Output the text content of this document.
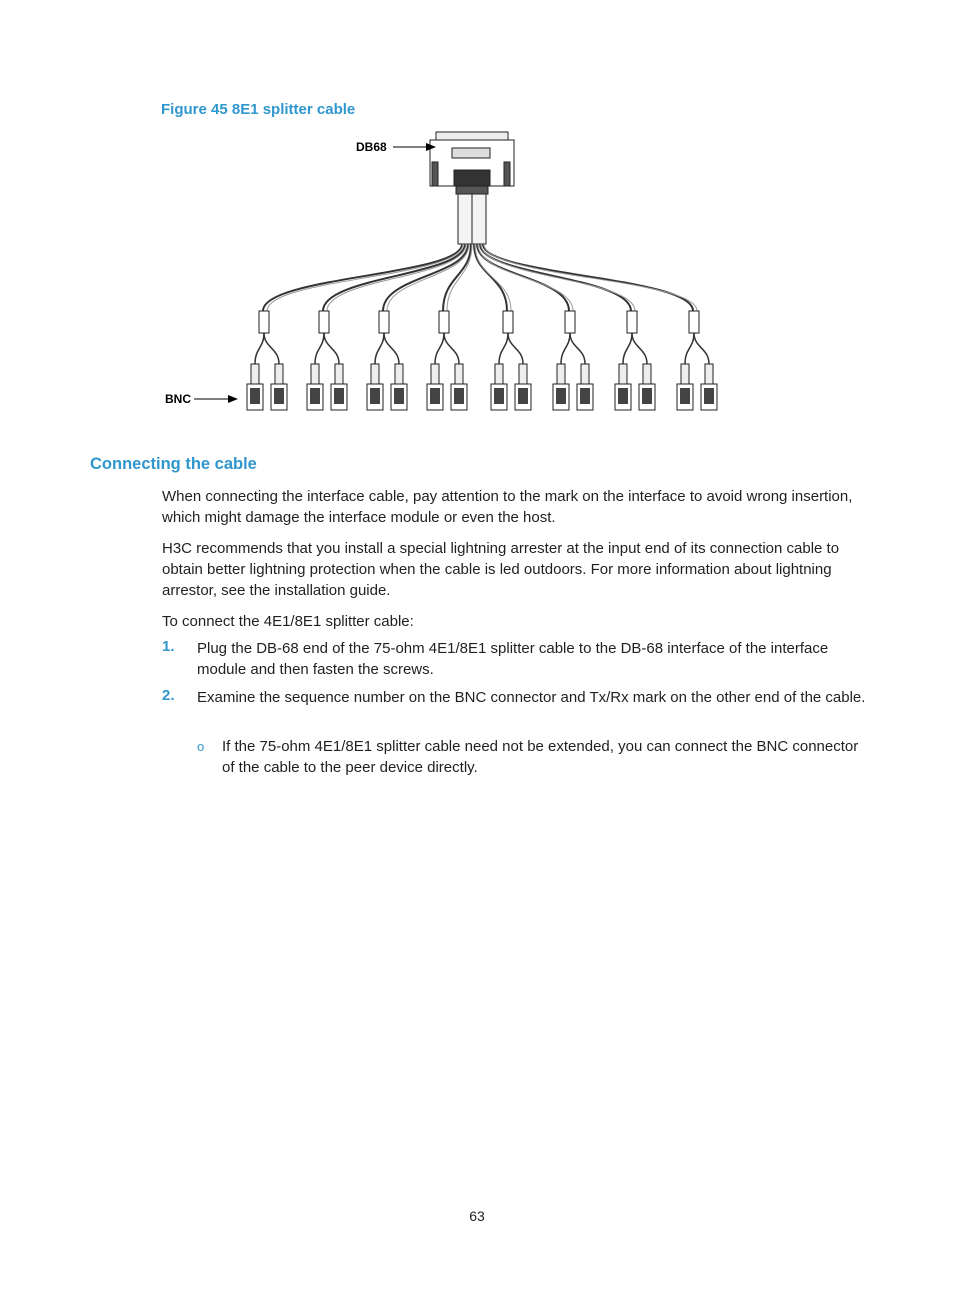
Figure 45 8E1 splitter cable
DB68
BNC
Connecting the cable
When connecting the interface cable, pay attention to the mark on the interface to avoid wrong insertion, which might damage the interface module or even the host.
H3C recommends that you install a special lightning arrester at the input end of its connection cable to obtain better lightning protection when the cable is led outdoors. For more information about lightning arrestor, see the installation guide.
To connect the 4E1/8E1 splitter cable:
1. Plug the DB-68 end of the 75-ohm 4E1/8E1 splitter cable to the DB-68 interface of the interface module and then fasten the screws.
2. Examine the sequence number on the BNC connector and Tx/Rx mark on the other end of the cable.
o If the 75-ohm 4E1/8E1 splitter cable need not be extended, you can connect the BNC connector of the cable to the peer device directly.
63
